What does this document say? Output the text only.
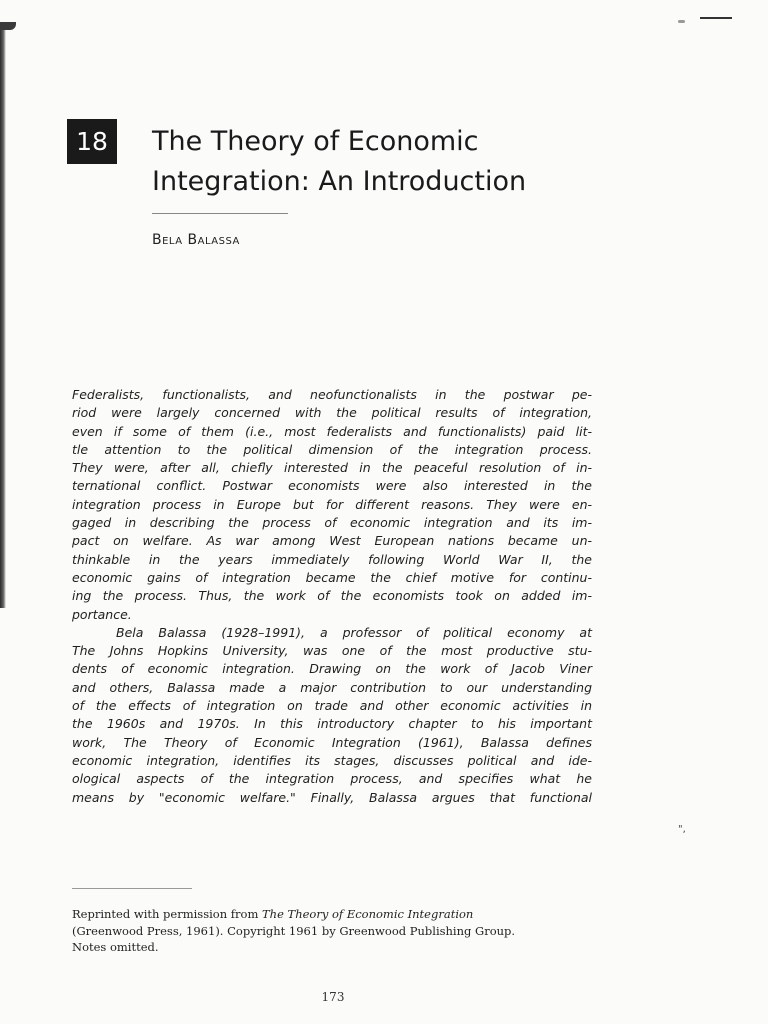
18 The Theory of Economic
Integration: An Introduction
Bela Balassa
Federalists, functionalists, and neofunctionalists in the postwar pe-
riod were largely concerned with the political results of integration,
even if some of them (i.e., most federalists and functionalists) paid lit-
tle attention to the political dimension of the integration process.
They were, after all, chiefly interested in the peaceful resolution of in-
ternational conflict. Postwar economists were also interested in the
integration process in Europe but for different reasons. They were en-
gaged in describing the process of economic integration and its im-
pact on welfare. As war among West European nations became un-
thinkable in the years immediately following World War II, the
economic gains of integration became the chief motive for continu-
ing the process. Thus, the work of the economists took on added im-
portance.
Bela Balassa (1928–1991), a professor of political economy at
The Johns Hopkins University, was one of the most productive stu-
dents of economic integration. Drawing on the work of Jacob Viner
and others, Balassa made a major contribution to our understanding
of the effects of integration on trade and other economic activities in
the 1960s and 1970s. In this introductory chapter to his important
work, The Theory of Economic Integration (1961), Balassa defines
economic integration, identifies its stages, discusses political and ide-
ological aspects of the integration process, and specifies what he
means by "economic welfare." Finally, Balassa argues that functional
",
Reprinted with permission from The Theory of Economic Integration
(Greenwood Press, 1961). Copyright 1961 by Greenwood Publishing Group.
Notes omitted.
173
